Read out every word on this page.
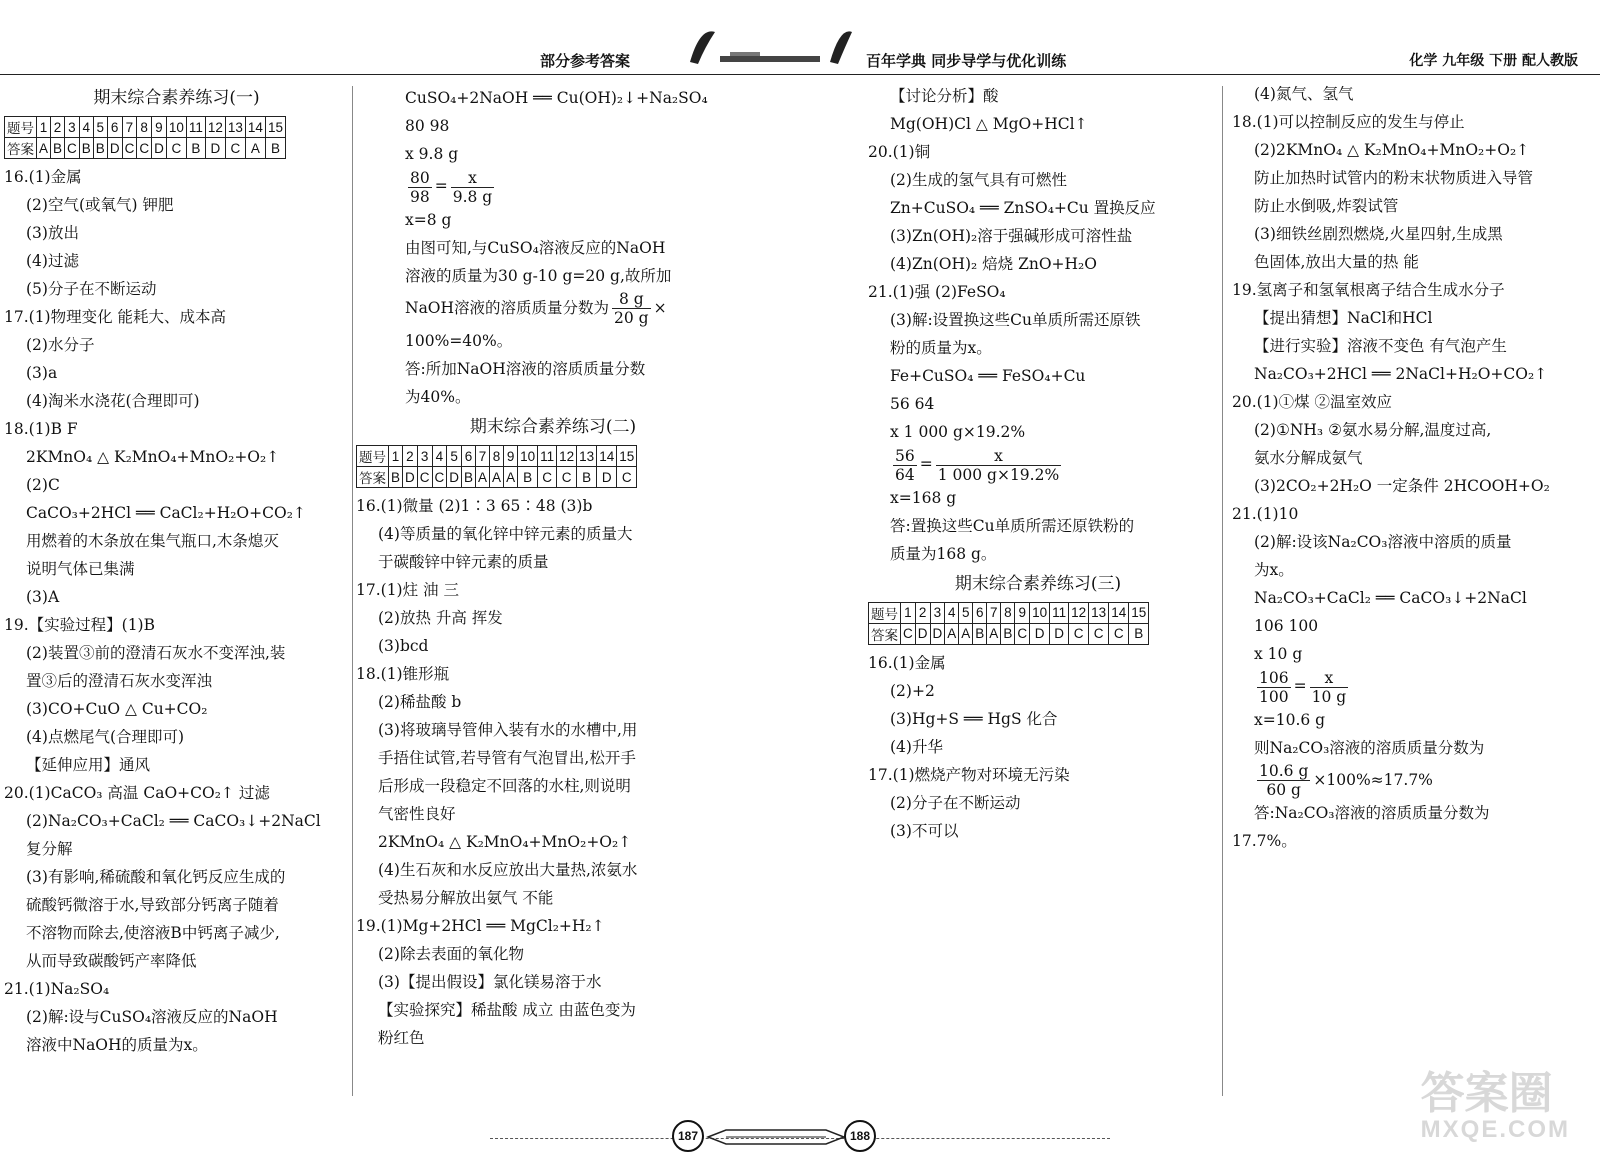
部分参考答案	百年学典 同步导学与优化训练	化学 九年级 下册 配人教版
期末综合素养练习(一)
题号	1	2	3	4	5	6	7	8	9	10	11	12	13	14	15
答案	A	B	C	B	B	D	C	C	D	C	B	D	C	A	B
16.(1)金属
(2)空气(或氧气) 钾肥
(3)放出
(4)过滤
(5)分子在不断运动
17.(1)物理变化 能耗大、成本高
(2)水分子
(3)a
(4)淘米水浇花(合理即可)
18.(1)B F
2KMnO₄ △ K₂MnO₄+MnO₂+O₂↑
(2)C
CaCO₃+2HCl ══ CaCl₂+H₂O+CO₂↑
用燃着的木条放在集气瓶口,木条熄灭
说明气体已集满
(3)A
19.【实验过程】(1)B
(2)装置③前的澄清石灰水不变浑浊,装
置③后的澄清石灰水变浑浊
(3)CO+CuO △ Cu+CO₂
(4)点燃尾气(合理即可)
【延伸应用】通风
20.(1)CaCO₃ 高温 CaO+CO₂↑ 过滤
(2)Na₂CO₃+CaCl₂ ══ CaCO₃↓+2NaCl
复分解
(3)有影响,稀硫酸和氧化钙反应生成的
硫酸钙微溶于水,导致部分钙离子随着
不溶物而除去,使溶液B中钙离子减少,
从而导致碳酸钙产率降低
21.(1)Na₂SO₄
(2)解:设与CuSO₄溶液反应的NaOH
溶液中NaOH的质量为x。
CuSO₄+2NaOH ══ Cu(OH)₂↓+Na₂SO₄
80 98
x 9.8 g
$\frac{80}{98} = \frac{x}{9.8 g}$
x=8 g
由图可知,与CuSO₄溶液反应的NaOH
溶液的质量为30 g-10 g=20 g,故所加
NaOH溶液的溶质质量分数为 $\frac{8 g}{20 g}$ ×
100%=40%。
答:所加NaOH溶液的溶质质量分数
为40%。
期末综合素养练习(二)
题号	1	2	3	4	5	6	7	8	9	10	11	12	13	14	15
答案	B	D	C	C	D	B	A	A	A	B	C	C	B	D	C
16.(1)微量 (2)1∶3 65∶48 (3)b
(4)等质量的氧化锌中锌元素的质量大
于碳酸锌中锌元素的质量
17.(1)炷 油 三
(2)放热 升高 挥发
(3)bcd
18.(1)锥形瓶
(2)稀盐酸 b
(3)将玻璃导管伸入装有水的水槽中,用
手捂住试管,若导管有气泡冒出,松开手
后形成一段稳定不回落的水柱,则说明
气密性良好
2KMnO₄ △ K₂MnO₄+MnO₂+O₂↑
(4)生石灰和水反应放出大量热,浓氨水
受热易分解放出氨气 不能
19.(1)Mg+2HCl ══ MgCl₂+H₂↑
(2)除去表面的氧化物
(3)【提出假设】氯化镁易溶于水
【实验探究】稀盐酸 成立 由蓝色变为
粉红色
【讨论分析】酸
Mg(OH)Cl △ MgO+HCl↑
20.(1)铜
(2)生成的氢气具有可燃性
Zn+CuSO₄ ══ ZnSO₄+Cu 置换反应
(3)Zn(OH)₂溶于强碱形成可溶性盐
(4)Zn(OH)₂ 焙烧 ZnO+H₂O
21.(1)强 (2)FeSO₄
(3)解:设置换这些Cu单质所需还原铁
粉的质量为x。
Fe+CuSO₄ ══ FeSO₄+Cu
56 64
x 1 000 g×19.2%
$\frac{56}{64} = \frac{x}{1 000 g\times 19.2\%}$
x=168 g
答:置换这些Cu单质所需还原铁粉的
质量为168 g。
期末综合素养练习(三)
题号	1	2	3	4	5	6	7	8	9	10	11	12	13	14	15
答案	C	D	D	A	A	B	A	B	C	D	D	C	C	C	B
16.(1)金属
(2)+2
(3)Hg+S ══ HgS 化合
(4)升华
17.(1)燃烧产物对环境无污染
(2)分子在不断运动
(3)不可以
(4)氮气、氢气
18.(1)可以控制反应的发生与停止
(2)2KMnO₄ △ K₂MnO₄+MnO₂+O₂↑
防止加热时试管内的粉末状物质进入导管
防止水倒吸,炸裂试管
(3)细铁丝剧烈燃烧,火星四射,生成黑
色固体,放出大量的热 能
19.氢离子和氢氧根离子结合生成水分子
【提出猜想】NaCl和HCl
【进行实验】溶液不变色 有气泡产生
Na₂CO₃+2HCl ══ 2NaCl+H₂O+CO₂↑
20.(1)①煤 ②温室效应
(2)①NH₃ ②氨水易分解,温度过高,
氨水分解成氨气
(3)2CO₂+2H₂O 一定条件 2HCOOH+O₂
21.(1)10
(2)解:设该Na₂CO₃溶液中溶质的质量
为x。
Na₂CO₃+CaCl₂ ══ CaCO₃↓+2NaCl
106 100
x 10 g
$\frac{106}{100} = \frac{x}{10 g}$
x=10.6 g
则Na₂CO₃溶液的溶质质量分数为
$\frac{10.6 g}{60 g} \times 100\%\approx 17.7\%$
答:Na₂CO₃溶液的溶质质量分数为
17.7%。
187	188
答案圈
MXQE.COM
